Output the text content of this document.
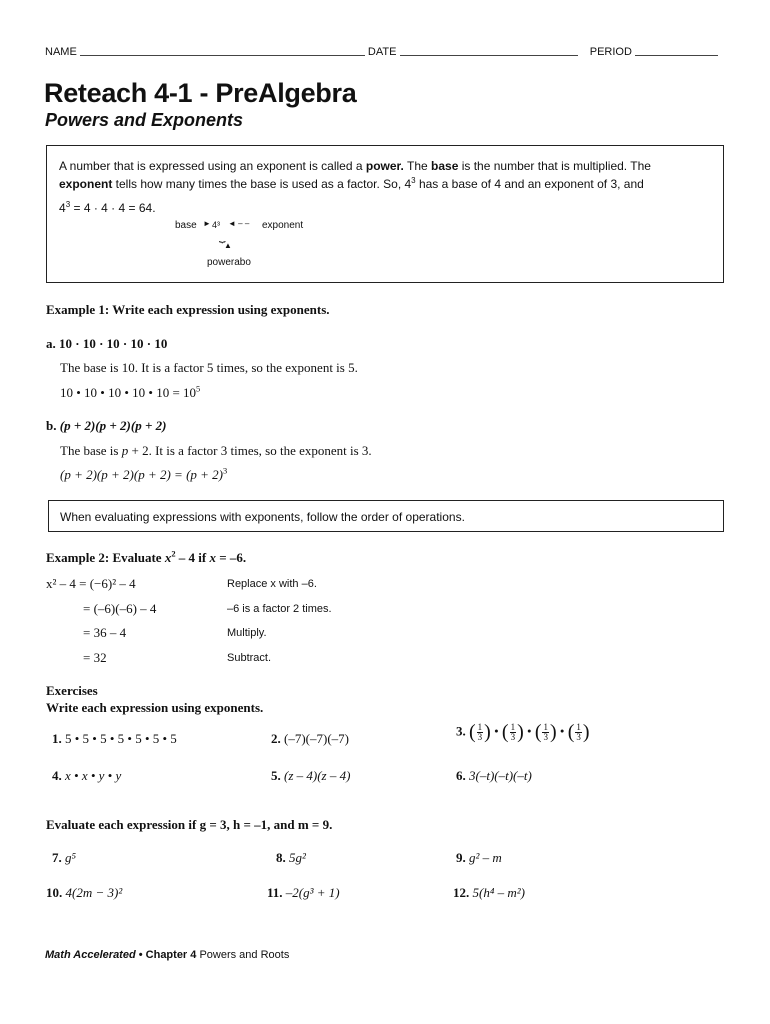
NAME	DATE	PERIOD
Reteach 4-1 - PreAlgebra
Powers and Exponents
A number that is expressed using an exponent is called a power. The base is the number that is multiplied. The
exponent tells how many times the base is used as a factor. So, $4^3$ has a base of 4 and an exponent of 3, and
$4^3 = 4 \cdot 4 \cdot 4 = 64$.
base ► 4³ ◄ – – exponent
⏟
▲
powerabo
Example 1: Write each expression using exponents.
a. 10 · 10 · 10 · 10 · 10
The base is 10. It is a factor 5 times, so the exponent is 5.
10 • 10 • 10 • 10 • $10 = 10^5$
b. (p + 2)(p + 2)(p + 2)
The base is p + 2. It is a factor 3 times, so the exponent is 3.
$(p + 2)(p + 2)(p + 2) = (p + 2)^3$
When evaluating expressions with exponents, follow the order of operations.
Example 2: Evaluate $x^2 - 4$ if x = –6.
x² – 4 = (−6)² – 4	Replace x with –6.
= (–6)(–6) – 4	–6 is a factor 2 times.
= 36 – 4	Multiply.
= 32	Subtract.
Exercises
Write each expression using exponents.
1. 5 • 5 • 5 • 5 • 5 • 5 • 5	2. (–7)(–7)(–7)
3. ( $\frac{1}{3}$ ) • ( $\frac{1}{3}$ ) • ( $\frac{1}{3}$ ) • ( $\frac{1}{3}$ )
4. x • x • y • y	5. (z – 4)(z – 4)	6. 3(–t)(–t)(–t)
Evaluate each expression if g = 3, h = –1, and m = 9.
7. g⁵	8. 5g²	9. g² – m
10. 4(2m − 3)²	11. –2(g³ + 1)	12. 5(h⁴ – m²)
Math Accelerated • Chapter 4 Powers and Roots
